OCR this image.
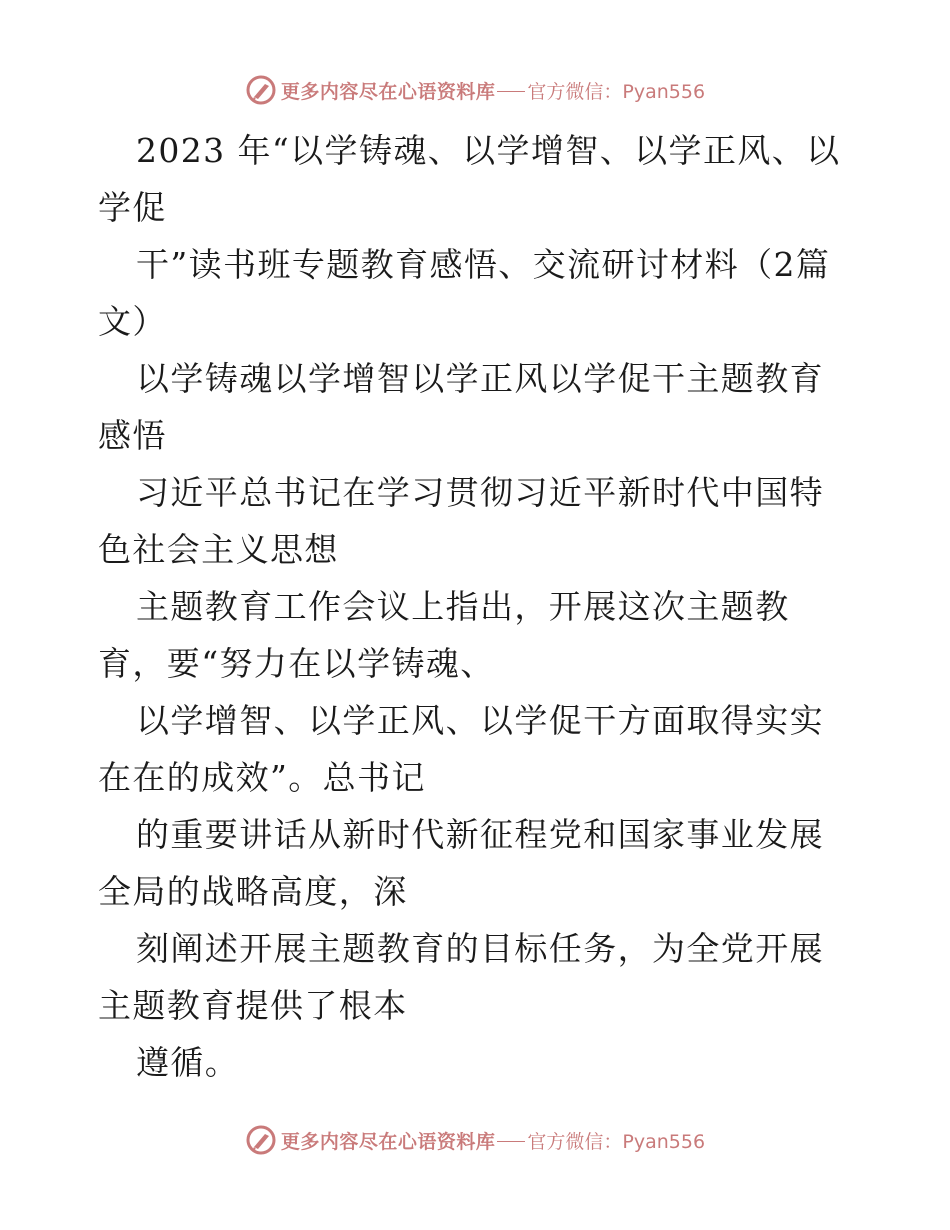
更多内容尽在心语资料库 官方微信：Pyan556

2023 年“以学铸魂、以学增智、以学正风、以学促

干”读书班专题教育感悟、交流研讨材料（2篇文）

以学铸魂以学增智以学正风以学促干主题教育感悟

习近平总书记在学习贯彻习近平新时代中国特色社会主义思想

主题教育工作会议上指出，开展这次主题教育，要“努力在以学铸魂、

以学增智、以学正风、以学促干方面取得实实在在的成效”。总书记

的重要讲话从新时代新征程党和国家事业发展全局的战略高度，深

刻阐述开展主题教育的目标任务，为全党开展主题教育提供了根本

遵循。

更多内容尽在心语资料库 官方微信：Pyan556
